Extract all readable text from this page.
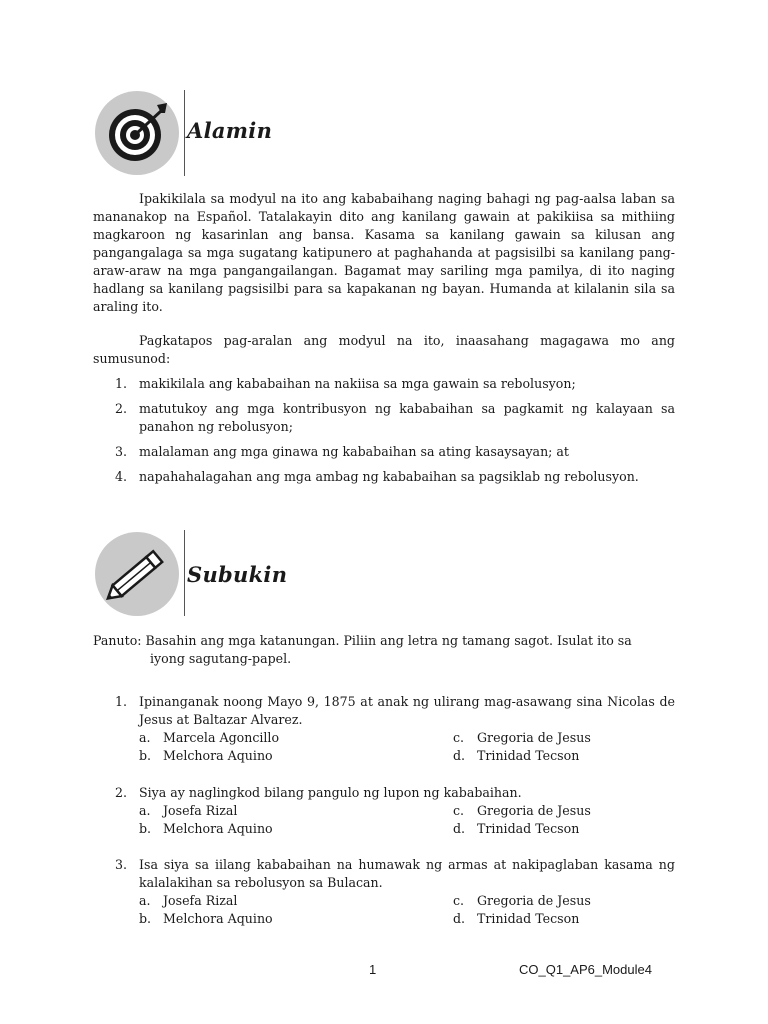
Alamin

Ipakikilala sa modyul na ito ang kababaihang naging bahagi ng pag-aalsa laban sa mananakop na Español. Tatalakayin dito ang kanilang gawain at pakikiisa sa mithiing magkaroon ng kasarinlan ang bansa. Kasama sa kanilang gawain sa kilusan ang pangangalaga sa mga sugatang katipunero at paghahanda at pagsisilbi sa kanilang pang-araw-araw na mga pangangailangan. Bagamat may sariling mga pamilya, di ito naging hadlang sa kanilang pagsisilbi para sa kapakanan ng bayan. Humanda at kilalanin sila sa araling ito.

Pagkatapos pag-aralan ang modyul na ito, inaasahang magagawa mo ang sumusunod:

1. makikilala ang kababaihan na nakiisa sa mga gawain sa rebolusyon;
2. matutukoy ang mga kontribusyon ng kababaihan sa pagkamit ng kalayaan sa panahon ng rebolusyon;
3. malalaman ang mga ginawa ng kababaihan sa ating kasaysayan; at
4. napahahalagahan ang mga ambag ng kababaihan sa pagsiklab ng rebolusyon.
Subukin

Panuto: Basahin ang mga katanungan. Piliin ang letra ng tamang sagot. Isulat ito sa
iyong sagutang-papel.

1. Ipinanganak noong Mayo 9, 1875 at anak ng ulirang mag-asawang sina Nicolas de Jesus at Baltazar Alvarez.
a. Marcela Agoncillo	c. Gregoria de Jesus
b. Melchora Aquino	d. Trinidad Tecson
2. Siya ay naglingkod bilang pangulo ng lupon ng kababaihan.
a. Josefa Rizal	c. Gregoria de Jesus
b. Melchora Aquino	d. Trinidad Tecson
3. Isa siya sa iilang kababaihan na humawak ng armas at nakipaglaban kasama ng kalalakihan sa rebolusyon sa Bulacan.
a. Josefa Rizal	c. Gregoria de Jesus
b. Melchora Aquino	d. Trinidad Tecson
1	CO_Q1_AP6_Module4
